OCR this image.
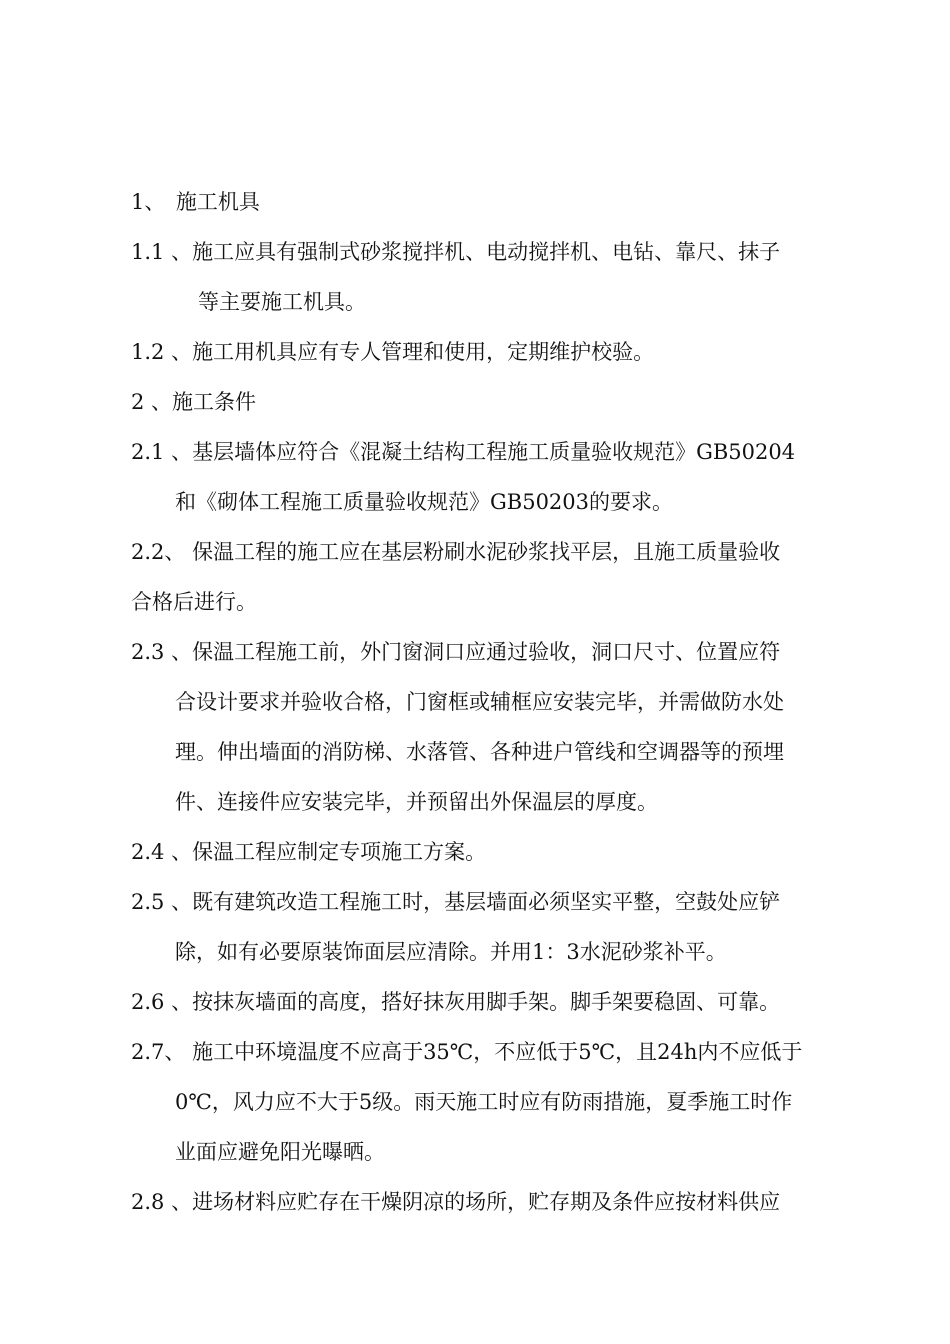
1、　施工机具
1.1 、施工应具有强制式砂浆搅拌机、电动搅拌机、电钻、靠尺、抹子
等主要施工机具。
1.2 、施工用机具应有专人管理和使用，定期维护校验。
2 、施工条件
2.1 、基层墙体应符合《混凝土结构工程施工质量验收规范》GB50204
和《砌体工程施工质量验收规范》GB50203的要求。
2.2、 保温工程的施工应在基层粉刷水泥砂浆找平层，且施工质量验收
合格后进行。
2.3 、保温工程施工前，外门窗洞口应通过验收，洞口尺寸、位置应符
合设计要求并验收合格，门窗框或辅框应安装完毕，并需做防水处
理。伸出墙面的消防梯、水落管、各种进户管线和空调器等的预埋
件、连接件应安装完毕，并预留出外保温层的厚度。
2.4 、保温工程应制定专项施工方案。
2.5 、既有建筑改造工程施工时，基层墙面必须坚实平整，空鼓处应铲
除，如有必要原装饰面层应清除。并用1：3水泥砂浆补平。
2.6 、按抹灰墙面的高度，搭好抹灰用脚手架。脚手架要稳固、可靠。
2.7、 施工中环境温度不应高于35℃，不应低于5℃，且24h内不应低于
0℃，风力应不大于5级。雨天施工时应有防雨措施，夏季施工时作
业面应避免阳光曝晒。
2.8 、进场材料应贮存在干燥阴凉的场所，贮存期及条件应按材料供应
